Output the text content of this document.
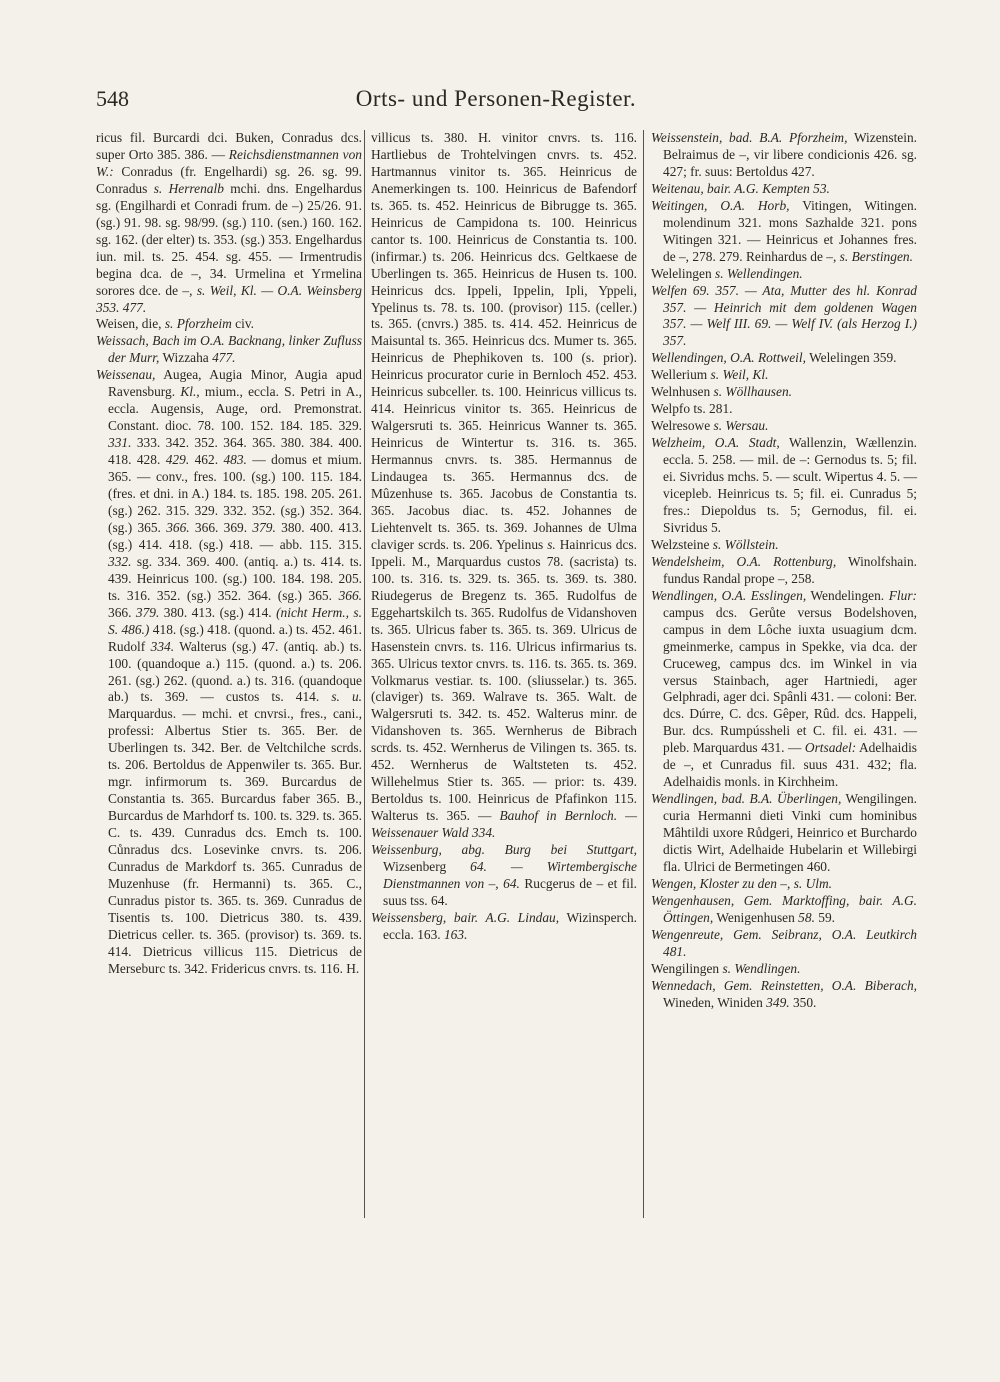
548	Orts- und Personen-Register.

ricus fil. Burcardi dci. Buken, Conradus dcs. super Orto 385. 386. — Reichsdienstmannen von W.: Conradus (fr. Engelhardi) sg. 26. sg. 99. Conradus s. Herrenalb mchi. dns. Engelhardus sg. (Engilhardi et Conradi frum. de –) 25/26. 91. (sg.) 91. 98. sg. 98/99. (sg.) 110. (sen.) 160. 162. sg. 162. (der elter) ts. 353. (sg.) 353. Engelhardus iun. mil. ts. 25. 454. sg. 455. — Irmentrudis begina dca. de –, 34. Urmelina et Yrmelina sorores dce. de –, s. Weil, Kl. — O.A. Weinsberg 353. 477.

Weisen, die, s. Pforzheim civ.

Weissach, Bach im O.A. Backnang, linker Zufluss der Murr, Wizzaha 477.

Weissenau, Augea, Augia Minor, Augia apud Ravensburg. Kl., mium., eccla. S. Petri in A., eccla. Augensis, Auge, ord. Premonstrat. Constant. dioc. 78. 100. 152. 184. 185. 329. 331. 333. 342. 352. 364. 365. 380. 384. 400. 418. 428. 429. 462. 483. — domus et mium. 365. — conv., fres. 100. (sg.) 100. 115. 184. (fres. et dni. in A.) 184. ts. 185. 198. 205. 261. (sg.) 262. 315. 329. 332. 352. (sg.) 352. 364. (sg.) 365. 366. 366. 369. 379. 380. 400. 413. (sg.) 414. 418. (sg.) 418. — abb. 115. 315. 332. sg. 334. 369. 400. (antiq. a.) ts. 414. ts. 439. Heinricus 100. (sg.) 100. 184. 198. 205. ts. 316. 352. (sg.) 352. 364. (sg.) 365. 366. 366. 379. 380. 413. (sg.) 414. (nicht Herm., s. S. 486.) 418. (sg.) 418. (quond. a.) ts. 452. 461. Rudolf 334. Walterus (sg.) 47. (antiq. ab.) ts. 100. (quandoque a.) 115. (quond. a.) ts. 206. 261. (sg.) 262. (quond. a.) ts. 316. (quandoque ab.) ts. 369. — custos ts. 414. s. u. Marquardus. — mchi. et cnvrsi., fres., cani., professi: Albertus Stier ts. 365. Ber. de Uberlingen ts. 342. Ber. de Veltchilche scrds. ts. 206. Bertoldus de Appenwiler ts. 365. Bur. mgr. infirmorum ts. 369. Burcardus de Constantia ts. 365. Burcardus faber 365. B., Burcardus de Marhdorf ts. 100. ts. 329. ts. 365. C. ts. 439. Cunradus dcs. Emch ts. 100. Cůnradus dcs. Losevinke cnvrs. ts. 206. Cunradus de Markdorf ts. 365. Cunradus de Muzenhuse (fr. Hermanni) ts. 365. C., Cunradus pistor ts. 365. ts. 369. Cunradus de Tisentis ts. 100. Dietricus 380. ts. 439. Dietricus celler. ts. 365. (provisor) ts. 369. ts. 414. Dietricus villicus 115. Dietricus de Merseburc ts. 342. Fridericus cnvrs. ts. 116. H.

villicus ts. 380. H. vinitor cnvrs. ts. 116. Hartliebus de Trohtelvingen cnvrs. ts. 452. Hartmannus vinitor ts. 365. Heinricus de Anemerkingen ts. 100. Heinricus de Bafendorf ts. 365. ts. 452. Heinricus de Bibrugge ts. 365. Heinricus de Campidona ts. 100. Heinricus cantor ts. 100. Heinricus de Constantia ts. 100. (infirmar.) ts. 206. Heinricus dcs. Geltkaese de Uberlingen ts. 365. Heinricus de Husen ts. 100. Heinricus dcs. Ippeli, Ippelin, Ipli, Yppeli, Ypelinus ts. 78. ts. 100. (provisor) 115. (celler.) ts. 365. (cnvrs.) 385. ts. 414. 452. Heinricus de Maisuntal ts. 365. Heinricus dcs. Mumer ts. 365. Heinricus de Phephikoven ts. 100 (s. prior). Heinricus procurator curie in Bernloch 452. 453. Heinricus subceller. ts. 100. Heinricus villicus ts. 414. Heinricus vinitor ts. 365. Heinricus de Walgersruti ts. 365. Heinricus Wanner ts. 365. Heinricus de Wintertur ts. 316. ts. 365. Hermannus cnvrs. ts. 385. Hermannus de Lindaugea ts. 365. Hermannus dcs. de Mûzenhuse ts. 365. Jacobus de Constantia ts. 365. Jacobus diac. ts. 452. Johannes de Liehtenvelt ts. 365. ts. 369. Johannes de Ulma claviger scrds. ts. 206. Ypelinus s. Hainricus dcs. Ippeli. M., Marquardus custos 78. (sacrista) ts. 100. ts. 316. ts. 329. ts. 365. ts. 369. ts. 380. Riudegerus de Bregenz ts. 365. Rudolfus de Eggehartskilch ts. 365. Rudolfus de Vidanshoven ts. 365. Ulricus faber ts. 365. ts. 369. Ulricus de Hasenstein cnvrs. ts. 116. Ulricus infirmarius ts. 365. Ulricus textor cnvrs. ts. 116. ts. 365. ts. 369. Volkmarus vestiar. ts. 100. (sliusselar.) ts. 365. (claviger) ts. 369. Walrave ts. 365. Walt. de Walgersruti ts. 342. ts. 452. Walterus minr. de Vidanshoven ts. 365. Wernherus de Bibrach scrds. ts. 452. Wernherus de Vilingen ts. 365. ts. 452. Wernherus de Waltsteten ts. 452. Willehelmus Stier ts. 365. — prior: ts. 439. Bertoldus ts. 100. Heinricus de Pfafinkon 115. Walterus ts. 365. — Bauhof in Bernloch. — Weissenauer Wald 334.

Weissenburg, abg. Burg bei Stuttgart, Wizsenberg 64. — Wirtembergische Dienstmannen von –, 64. Rucgerus de – et fil. suus tss. 64.

Weissensberg, bair. A.G. Lindau, Wizinsperch. eccla. 163. 163.

Weissenstein, bad. B.A. Pforzheim, Wizenstein. Belraimus de –, vir libere condicionis 426. sg. 427; fr. suus: Bertoldus 427.

Weitenau, bair. A.G. Kempten 53.

Weitingen, O.A. Horb, Vitingen, Witingen. molendinum 321. mons Sazhalde 321. pons Witingen 321. — Heinricus et Johannes fres. de –, 278. 279. Reinhardus de –, s. Berstingen.

Welelingen s. Wellendingen.

Welfen 69. 357. — Ata, Mutter des hl. Konrad 357. — Heinrich mit dem goldenen Wagen 357. — Welf III. 69. — Welf IV. (als Herzog I.) 357.

Wellendingen, O.A. Rottweil, Welelingen 359.

Wellerium s. Weil, Kl.

Welnhusen s. Wöllhausen.

Welpfo ts. 281.

Welresowe s. Wersau.

Welzheim, O.A. Stadt, Wallenzin, Wællenzin. eccla. 5. 258. — mil. de –: Gernodus ts. 5; fil. ei. Sivridus mchs. 5. — scult. Wipertus 4. 5. — vicepleb. Heinricus ts. 5; fil. ei. Cunradus 5; fres.: Diepoldus ts. 5; Gernodus, fil. ei. Sivridus 5.

Welzsteine s. Wöllstein.

Wendelsheim, O.A. Rottenburg, Winolfshain. fundus Randal prope –, 258.

Wendlingen, O.A. Esslingen, Wendelingen. Flur: campus dcs. Gerůte versus Bodelshoven, campus in dem Lôche iuxta usuagium dcm. gmeinmerke, campus in Spekke, via dca. der Cruceweg, campus dcs. im Winkel in via versus Stainbach, ager Hartniedi, ager Gelphradi, ager dci. Spânli 431. — coloni: Ber. dcs. Dúrre, C. dcs. Gêper, Rûd. dcs. Happeli, Bur. dcs. Rumpússheli et C. fil. ei. 431. — pleb. Marquardus 431. — Ortsadel: Adelhaidis de –, et Cunradus fil. suus 431. 432; fla. Adelhaidis monls. in Kirchheim.

Wendlingen, bad. B.A. Überlingen, Wengilingen. curia Hermanni dieti Vinki cum hominibus Mâhtildi uxore Růdgeri, Heinrico et Burchardo dictis Wirt, Adelhaide Hubelarin et Willebirgi fla. Ulrici de Bermetingen 460.

Wengen, Kloster zu den –, s. Ulm.

Wengenhausen, Gem. Marktoffing, bair. A.G. Öttingen, Wenigenhusen 58. 59.

Wengenreute, Gem. Seibranz, O.A. Leutkirch 481.

Wengilingen s. Wendlingen.

Wennedach, Gem. Reinstetten, O.A. Biberach, Wineden, Winiden 349. 350.
